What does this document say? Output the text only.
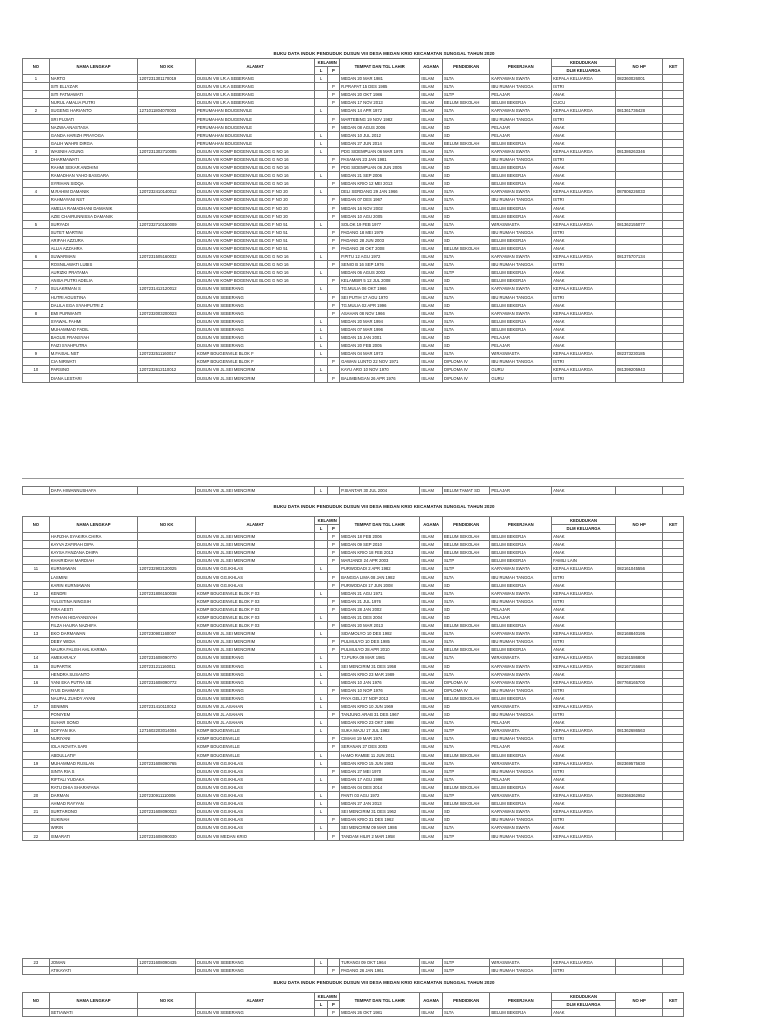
BUKU DATA INDUK PENDUDUK DUSUN VIII DESA MEDAN KRIO KECAMATAN SUNGGAL TAHUN 2020
NO	NAMA LENGKAP	NO KK	ALAMAT	KELAMIN		TEMPAT DAN TGL LAHIR	AGAMA	PENDIDIKAN	PEKERJAAN	KEDUDUKAN	NO HP	KET
				L	P					DLM KELUARGA		
1	NARTO	1207231301170019	DUSUN VIII LR.A SEBERANG	L		MEDAN 20 MAR 1981	ISLAM	SLTA	KARYAWAN SWATA	KEPALA KELUARGA	082360026001	
	SITI ELLYZAR		DUSUN VIII LR.A SEBERANG		P	R.PRAPAT 15 DES 1985	ISLAM	SLTA	IBU RUMAH TANGGA	ISTRI		
	SITI FATMAWATI		DUSUN VIII LR.A SEBERANG		P	MEDAN 20 OKT 1986	ISLAM	SLTP	PELAJAR	ANAK		
	NURUL AMALIA PUTRI		DUSUN VIII LR.A SEBERANG		P	MEDAN 17 NOV 2013	ISLAM	BELUM SEKOLAH	BELUM BEKERJA	CUCU		
2	SUGENG HARIANTO	1271011804070003	PERUMAHAN BOUGENVILE	L		MEDAN 14 APR 1972	ISLAM	SLTA	KARYAWAN SWATA	KEPALA KELUARGA	081361736428	
	SRI PUJIATI		PERUMAHAN BOUGENVILE		P	MARTEBING 19 NOV 1982	ISLAM	SLTA	IBU RUMAH TANGGA	ISTRI		
	NAZWA ANASTASA		PERUMAHAN BOUGENVILE		P	MEDAN 08 AGUS 2006	ISLAM	SD	PELAJAR	ANAK		
	GANDA HARIZH PRAYOGA		PERUMAHAN BOUGENVILE	L		MEDAN 10 JUL 2012	ISLAM	SD	PELAJAR	ANAK		
	GALIH WAHRI DIRGA		PERUMAHAN BOUGENVILE	L		MEDAN 27 JUN 2014	ISLAM	BELUM SEKOLAH	BELUM BEKERJA	ANAK		
3	WASNIH AGUNG	1207231302710005	DUSUN VIII KOMP BOGENVILE BLOG G NO 16	L		PDG SIDEMPUAN 06 MAR 1976	ISLAM	SLTA	KARYAWAN SWATA	KEPALA KELUARGA	081386263346	
	DHARMAWATI		DUSUN VIII KOMP BOGENVILE BLOG G NO 16		P	PASAMAN 23 JAN 1981	ISLAM	SLTA	IBU RUMAH TANGGA	ISTRI		
	RAHMI SEKAR ANDHINI		DUSUN VIII KOMP BOGENVILE BLOG G NO 16		P	PDG SIDEMPUAN 06 JUN 2005	ISLAM	SD	BELUM BEKERJA	ANAK		
	RAMADHAN YAHO BASGARA		DUSUN VIII KOMP BOGENVILE BLOG G NO 16	L		MEDAN 21 SEP 2006	ISLAM	SD	BELUM BEKERJA	ANAK		
	SYRIHAN SIDQA		DUSUN VIII KOMP BOGENVILE BLOG G NO 16		P	MEDAN KRIO 12 MEI 2013	ISLAM	SD	BELUM BEKERJA	ANAK		
4	M.RAHIM DAMANIK	1207232410140012	DUSUN VIII KOMP BOGENVILE BLOG F NO 20	L		DELI SERDANG 29 JAN 1966	ISLAM	SLTA	KARYAWAN SWATA	KEPALA KELUARGA	087806226033	
	RAHMAYANI NST		DUSUN VIII KOMP BOGENVILE BLOG F NO 20		P	MEDAN 07 DES 1967	ISLAM	SLTA	IBU RUMAH TANGGA	ISTRI		
	AMELIA RAMADHANI DAMANIK		DUSUN VIII KOMP BOGENVILE BLOG F NO 20		P	MEDAN 16 NOV 2002	ISLAM	SLTA	BELUM BEKERJA	ANAK		
	AZIE CHAIRUNNISSA DAMANIK		DUSUN VIII KOMP BOGENVILE BLOG F NO 20		P	MEDAN 10 AGU 2005	ISLAM	SD	BELUM BEKERJA	ANAK		
5	SURYADI	1207232710150009	DUSUN VIII KOMP BOGENVILE BLOG F NO 51	L		SOLOK 19 FEB 1977	ISLAM	SLTA	WIRASWASTA	KEPALA KELUARGA	081362155077	
	SUTET MARTINI		DUSUN VIII KOMP BOGENVILE BLOG F NO 51		P	PADANG 18 MEI 1979	ISLAM	SLTA	IBU RUMAH TANGGA	ISTRI		
	ARIFAH AZZURA		DUSUN VIII KOMP BOGENVILE BLOG F NO 51		P	PADANG 28 JUN 2003	ISLAM	SD	BELUM BEKERJA	ANAK		
	ALLIA AZZAHRA		DUSUN VIII KOMP BOGENVILE BLOG F NO 51		P	PADANG 28 OKT 2008	ISLAM	BELUM SEKOLAH	BELUM BEKERJA	ANAK		
6	SUWARMAN	1207231505160032	DUSUN VIII KOMP BOGENVILE BLOG G NO 16	L		P.PITU 12 AGU 1972	ISLAM	SLTA	KARYAWAN SWATA	KEPALA KELUARGA	081375707134	
	ROSNILAWATI LUBIS		DUSUN VIII KOMP BOGENVILE BLOG G NO 16		P	SENIO B 16 SEP 1976	ISLAM	SLTA	IBU RUMAH TANGGA	ISTRI		
	AURIZKI PRATAMA		DUSUN VIII KOMP BOGENVILE BLOG G NO 16	L		MEDAN 06 AGUS 2002	ISLAM	SLTP	BELUM BEKERJA	ANAK		
	ANISA PUTRI ADELIA		DUSUN VIII KOMP BOGENVILE BLOG G NO 16		P	KELAMBIR 5 12 JUL 2008	ISLAM	SD	BELUM BEKERJA	ANAK		
7	SULAKRMAN S	1207231412120012	DUSUN VIII SEBERANG	L		TG.MULIA 06 OKT 1966	ISLAM	SLTA	KARYAWAN SWATA	KEPALA KELUARGA		
	HUTRI AGUSTINA		DUSUN VIII SEBERANG		P	SEI PUTIH 17 AGU 1970	ISLAM	SLTA	IBU RUMAH TANGGA	ISTRI		
	DALILA EGA SYAHPUTRI Z		DUSUN VIII SEBERANG		P	TG.MULIA 02 APR 1996	ISLAM	SD	BELUM BEKERJA	ANAK		
8	EMI PURWANTI	1207232003200023	DUSUN VIII SEBERANG		P	ASAHAN 08 NOV 1966	ISLAM	SLTA	KARYAWAN SWATA	KEPALA KELUARGA		
	SYAWAL FAHMI		DUSUN VIII SEBERANG	L		MEDAN 20 MAR 1994	ISLAM	SLTA	BELUM BEKERJA	ANAK		
	MUHAMMAD FADIL		DUSUN VIII SEBERANG	L		MEDAN 07 MAR 1996	ISLAM	SLTA	BELUM BEKERJA	ANAK		
	BAGUS FRANSYAH		DUSUN VIII SEBERANG	L		MEDAN 15 JAN 2001	ISLAM	SD	PELAJAR	ANAK		
	FAIZI SYAHPUTRA		DUSUN VIII SEBERANG	L		MEDAN 20 FEB 2005	ISLAM	SD	PELAJAR	ANAK		
9	M.FAISAL NST	1207232511160017	KOMP BOUGENVILE BLOK F	L		MEDAN 04 MAR 1973	ISLAM	SLTA	WIRASWASTA	KEPALA KELUARGA	082373230185	
	CIA NIRWATI		KOMP BOUGENVILE BLOK F		P	GAWAN LUNTO 22 NOV 1971	ISLAM	DIPLOMA IV	IBU RUMAH TANGGA	ISTRI		
10	PARSINO	1207232612110012	DUSUN VIII JL.SEI MENCIRIM	L		KAYU ARO 10 NOV 1970	ISLAM	DIPLOMA IV	GURU	KEPALA KELUARGA	081399205943	
	DIANA LESTARI		DUSUN VIII JL.SEI MENCIRIM		P	BALIMBINGAN 26 APR 1976	ISLAM	DIPLOMA IV	GURU	ISTRI		
	DAFA HIWANNUSHAFA		DUSUN VIII JL.SEI MENCIRIM	L		P.SIANTAR 30 JUL 2004	ISLAM	BELUM TAMAT SD	PELAJAR	ANAK		
BUKU DATA INDUK PENDUDUK DUSUN VIII DESA MEDAN KRIO KECAMATAN SUNGGAL TAHUN 2020
NO	NAMA LENGKAP	NO KK	ALAMAT	KELAMIN		TEMPAT DAN TGL LAHIR	AGAMA	PENDIDIKAN	PEKERJAAN	KEDUDUKAN	NO HP	KET
				L	P					DLM KELUARGA		
	HAFIZHA SYAKIRA CHIRA		DUSUN VIII JL.SEI MENCIRIM		P	MEDAN 18 FEB 2006	ISLAM	BELUM SEKOLAH	BELUM BEKERJA	ANAK		
	KAYVA ZAFIRAH DIPA		DUSUN VIII JL.SEI MENCIRIM		P	MEDAN 09 SEP 2010	ISLAM	BELUM SEKOLAH	BELUM BEKERJA	ANAK		
	KAYSA FANZANA DHIPA		DUSUN VIII JL.SEI MENCIRIM		P	MEDAN KRIO 18 FEB 2013	ISLAM	BELUM SEKOLAH	BELUM BEKERJA	ANAK		
	KHAIRIDAH MARDIAH		DUSUN VIII JL.SEI MENCIRIM		P	MARJANDI 24 APR 2003	ISLAM	SLTP	BELUM BEKERJA	FAMILI LAIN		
11	KURNIAWAN	1207232902120025	DUSUN VIII GG.IKHLAS	L		PURWODADI 2 APR 1982	ISLAM	SLTP	KARYAWAN SWATA	KEPALA KELUARGA	082161045556	
	LASMINI		DUSUN VIII GG.IKHLAS		P	BANGGA LIMA 08 JAN 1982	ISLAM	SLTA	IBU RUMAH TANGGA	ISTRI		
	KARIN KURNIAWAN		DUSUN VIII GG.IKHLAS		P	PURWODADI 17 JUN 2008	ISLAM	SD	BELUM BEKERJA	ANAK		
12	KENDRI	1207231806150038	KOMP BOUGENVILE BLOK F 03	L		MEDAN 21 AGU 1971	ISLAM	SLTA	KARYAWAN SWATA	KEPALA KELUARGA		
	YULISTINA NINGSIH		KOMP BOUGENVILE BLOK F 03		P	MEDAN 21 JUL 1976	ISLAM	SLTA	IBU RUMAH TANGGA	ISTRI		
	FIRA AESTI		KOMP BOUGENVILE BLOK F 03		P	MEDAN 28 JAN 2002	ISLAM	SD	PELAJAR	ANAK		
	FATHAN HIDAYANSYAH		KOMP BOUGENVILE BLOK F 03	L		MEDAN 21 DES 2004	ISLAM	SD	PELAJAR	ANAK		
	FILZA HAURA NAZHIFA		KOMP BOUGENVILE BLOK F 03		P	MEDAN 20 MAR 2013	ISLAM	BELUM SEKOLAH	BELUM BEKERJA	ANAK		
13	EKO DARMAWAN	1207230901160007	DUSUN VIII JL.SEI MENCIRIM	L		SIDAMOLYO 10 DES 1982	ISLAM	SLTA	KARYAWAN SWATA	KEPALA KELUARGA	082168840195	
	DEBY WIDIA		DUSUN VIII JL.SEI MENCIRIM		P	PULMULYO 10 DES 1985	ISLAM	SLTA	IBU RUMAH TANGGA	ISTRI		
	NAURA FALISH AHL KARIMA		DUSUN VIII JL.SEI MENCIRIM		P	PULMULYO 28 APR 2010	ISLAM	BELUM SEKOLAH	BELUM BEKERJA	ANAK		
14	AMEKARALY	1207231608090770	DUSUN VIII SEBERANG	L		TJ.PURA 09 MAR 1981	ISLAM	SLTA	WIRASWASTA	KEPALA KELUARGA	082161586808	
15	SUPARTIK	1207231211160011	DUSUN VIII SEBERANG	L		SEI MENCIRIM 31 DES 1958	ISLAM	SD	KARYAWAN SWATA	KEPALA KELUARGA	082167155684	
	HENDRA SUSANTO		DUSUN VIII SEBERANG	L		MEDAN KRIO 23 MAR 1989	ISLAM	SLTA	KARYAWAN SWATA	ANAK		
16	YANI EKA PUTRA SE	1207231608090772	DUSUN VIII SEBERANG	L		MEDAN 10 JAN 1976	ISLAM	DIPLOMA IV	KARYAWAN SWATA	KEPALA KELUARGA	087768165700	
	IYUS DAHMAR S		DUSUN VIII SEBERANG		P	MEDAN 10 NOP 1976	ISLAM	DIPLOMA IV	IBU RUMAH TANGGA	ISTRI		
	NAUFAL ZUHDY AYANI		DUSUN VIII SEBERANG	L		PAYA GELI 27 NOP 2013	ISLAM	BELUM SEKOLAH	BELUM BEKERJA	ANAK		
17	SENIMIN	1207231410110012	DUSUN VIII JL.ASAHAN	L		MEDAN KRIO 10 JUN 1969	ISLAM	SD	WIRASWASTA	KEPALA KELUARGA		
	PONIYEM		DUSUN VIII JL.ASAHAN		P	TANJUNG ARAB 31 DES 1967	ISLAM	SD	IBU RUMAH TANGGA	ISTRI		
	SUHAR SONO		DUSUN VIII JL.ASAHAN	L		MEDAN KRIO 23 OKT 1998	ISLAM	SLTA	PELAJAR	ANAK		
18	SOFYAN IKA	1271602203014004	KOMP BOUGENVILLE	L		SUKA MAJU 17 JUL 1982	ISLAM	SLTP	WIRASWASTA	KEPALA KELUARGA	081362686563	
	NURIYANI		KOMP BOUGENVILLE		P	CIMAHI 19 MAR 1974	ISLAM	SLTA	IBU RUMAH TANGGA	ISTRI		
	IOLA NOVITA SARI		KOMP BOUGENVILLE		P	SERANAN 27 DES 2003	ISLAM	SLTA	PELAJAR	ANAK		
	ABDULLATIF		KOMP BOUGENVILLE	L		HAMO RAMBE 11 JUN 2011	ISLAM	BELUM SEKOLAH	BELUM BEKERJA	ANAK		
19	MUHAMMAD RUSLAN	1207231608090765	DUSUN VIII GG.IKHLAS	L		MEDAN KRIO 15 JUN 1983	ISLAM	SLTA	WIRASWASTA	KEPALA KELUARGA	082369575630	
	SINTA RIA S		DUSUN VIII GG.IKHLAS		P	MEDAN 27 MEI 1970	ISLAM	SLTP	IBU RUMAH TANGGA	ISTRI		
	RIFTALI YUDAKA		DUSUN VIII GG.IKHLAS	L		MEDAN 17 AGU 1998	ISLAM	SLTA	PELAJAR	ANAK		
	RATU DHIA SHARAFANA		DUSUN VIII GG.IKHLAS		P	MEDAN 04 DES 2014	ISLAM	BELUM SEKOLAH	BELUM BEKERJA	ANAK		
20	DARMAN	1207230911110006	DUSUN VIII GG.IKHLAS	L		PANTI 03 AGU 1972	ISLAM	SLTP	WIRASWASTA	KEPALA KELUARGA	082366362952	
	AHMAD RAYYAN		DUSUN VIII GG.IKHLAS	L		MEDAN 27 JAN 2013	ISLAM	BELUM SEKOLAH	BELUM BEKERJA	ANAK		
21	SURTARONO	1207231608090023	DUSUN VIII GG.IKHLAS	L		SEI MENCIRIM 31 DES 1962	ISLAM	SD	KARYAWAN SWATA	KEPALA KELUARGA		
	SUKINAH		DUSUN VIII GG.IKHLAS		P	MEDAN KRIO 31 DES 1962	ISLAM	SD	IBU RUMAH TANGGA	ISTRI		
	WIRIN		DUSUN VIII GG.IKHLAS	L		SEI MENCIRIM 09 MAR 1986	ISLAM	SLTA	KARYAWAN SWATA	ANAK		
22	ISMARATI	1207231608090030	DUSUN VIII MEDAN KRIO		P	TANDAM HILIR 2 MAR 1958	ISLAM	SLTP	IBU RUMAH TANGGA	KEPALA KELUARGA		
23	JOMAN	1207231608090435	DUSUN VIII SEBERANG	L		TURANGI 09 OKT 1964	ISLAM	SLTP	WIRASWASTA	KEPALA KELUARGA		
	ATIKAYATI		DUSUN VIII SEBERANG		P	PADANG 26 JAN 1961	ISLAM	SLTP	IBU RUMAH TANGGA	ISTRI		
BUKU DATA INDUK PENDUDUK DUSUN VIII DESA MEDAN KRIO KECAMATAN SUNGGAL TAHUN 2020
NO	NAMA LENGKAP	NO KK	ALAMAT	KELAMIN		TEMPAT DAN TGL LAHIR	AGAMA	PENDIDIKAN	PEKERJAAN	KEDUDUKAN	NO HP	KET
				L	P					DLM KELUARGA		
	SETIAWATI		DUSUN VIII SEBERANG		P	MEDAN 26 OKT 1981	ISLAM	SLTA	BELUM BEKERJA	ANAK		
